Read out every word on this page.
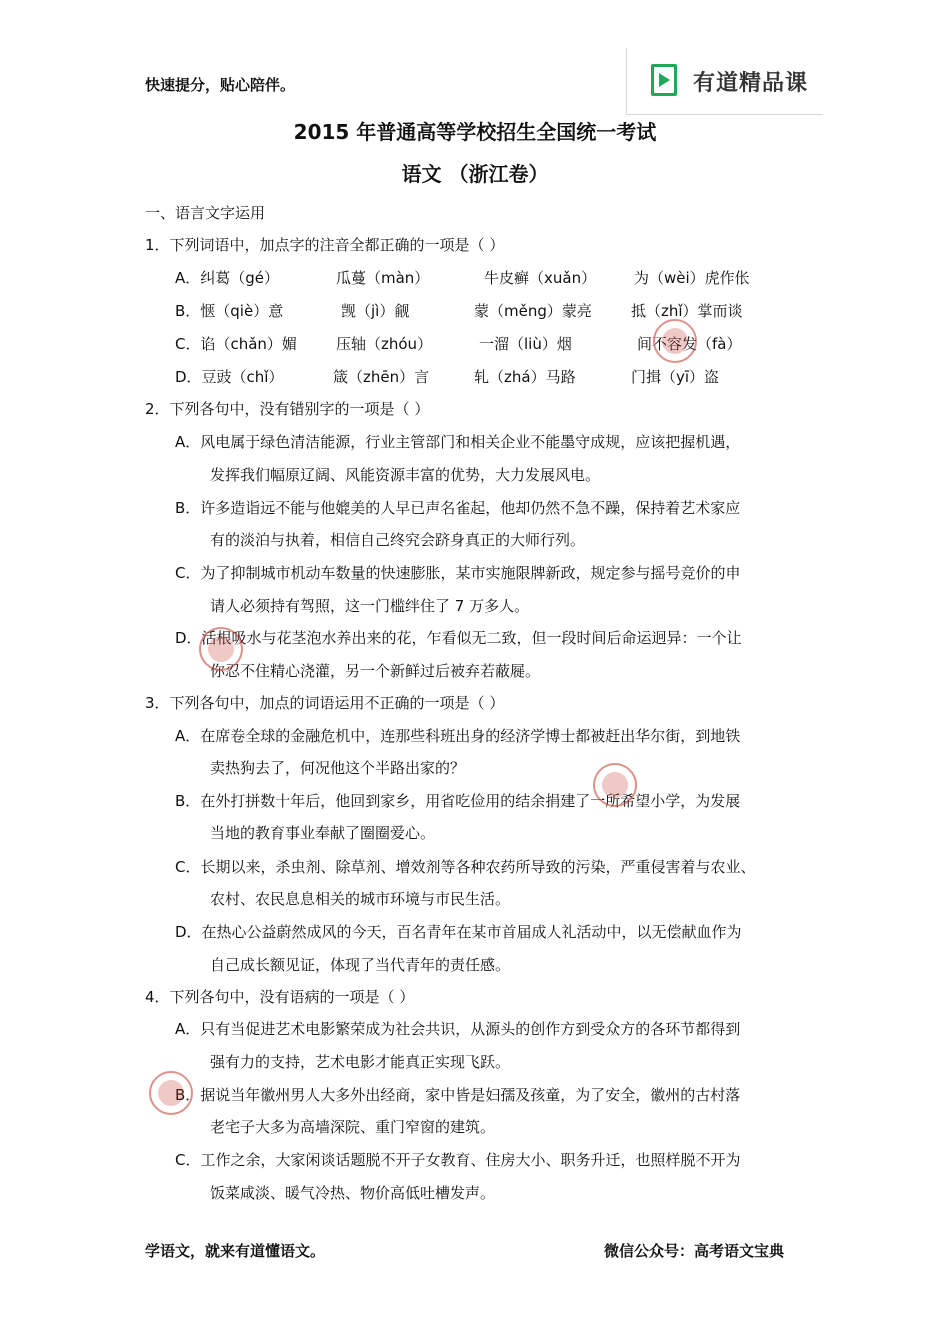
快速提分，贴心陪伴。	有道精品课
2015 年普通高等学校招生全国统一考试
语文 （浙江卷）
一、语言文字运用
1．下列词语中，加点字的注音全都正确的一项是（ ）
A．纠葛（gé）	瓜蔓（màn）	牛皮癣（xuǎn）	为（wèi）虎作伥
B．惬（qiè）意	觊（jì）觎	蒙（měng）蒙亮	抵（zhǐ）掌而谈
C．谄（chǎn）媚	压轴（zhóu）	一溜（liù）烟	间不容发（fà）
D．豆豉（chǐ）	箴（zhēn）言	轧（zhá）马路	门揖（yī）盗
2．下列各句中，没有错别字的一项是（ ）
A．风电属于绿色清洁能源，行业主管部门和相关企业不能墨守成规，应该把握机遇，
发挥我们幅原辽阔、风能资源丰富的优势，大力发展风电。
B．许多造诣远不能与他媲美的人早已声名雀起，他却仍然不急不躁，保持着艺术家应
有的淡泊与执着，相信自己终究会跻身真正的大师行列。
C．为了抑制城市机动车数量的快速膨胀，某市实施限牌新政，规定参与摇号竞价的申
请人必须持有驾照，这一门槛绊住了 7 万多人。
D．活根吸水与花茎泡水养出来的花，乍看似无二致，但一段时间后命运迥异：一个让
你忍不住精心浇灌，另一个新鲜过后被弃若蔽屣。
3．下列各句中，加点的词语运用不正确的一项是（ ）
A．在席卷全球的金融危机中，连那些科班出身的经济学博士都被赶出华尔街，到地铁
卖热狗去了，何况他这个半路出家的？
B．在外打拼数十年后，他回到家乡，用省吃俭用的结余捐建了一所希望小学，为发展
当地的教育事业奉献了圈圈爱心。
C．长期以来，杀虫剂、除草剂、增效剂等各种农药所导致的污染，严重侵害着与农业、
农村、农民息息相关的城市环境与市民生活。
D．在热心公益蔚然成风的今天，百名青年在某市首届成人礼活动中，以无偿献血作为
自己成长额见证，体现了当代青年的责任感。
4．下列各句中，没有语病的一项是（ ）
A．只有当促进艺术电影繁荣成为社会共识，从源头的创作方到受众方的各环节都得到
强有力的支持，艺术电影才能真正实现飞跃。
B．据说当年徽州男人大多外出经商，家中皆是妇孺及孩童，为了安全，徽州的古村落
老宅子大多为高墙深院、重门窄窗的建筑。
C．工作之余，大家闲谈话题脱不开子女教育、住房大小、职务升迁，也照样脱不开为
饭菜咸淡、暖气冷热、物价高低吐槽发声。
学语文，就来有道懂语文。	微信公众号：高考语文宝典
